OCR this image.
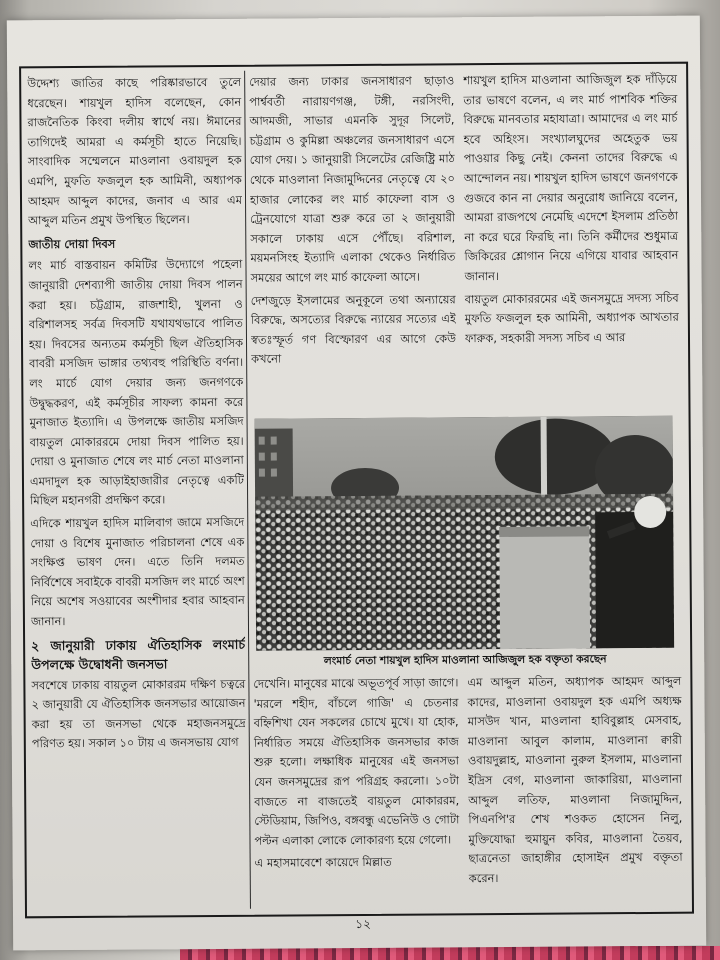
উদ্দেশ্য জাতির কাছে পরিষ্কারভাবে তুলে ধরেছেন। শায়খুল হাদিস বলেছেন, কোন রাজনৈতিক কিংবা দলীয় স্বার্থে নয়। ঈমানের তাগিদেই আমরা এ কর্মসূচী হাতে নিয়েছি। সাংবাদিক সম্মেলনে মাওলানা ওবায়দুল হক এমপি, মুফতি ফজলুল হক আমিনী, অধ্যাপক আহমদ আব্দুল কাদের, জনাব এ আর এম আব্দুল মতিন প্রমুখ উপস্থিত ছিলেন।

জাতীয় দোয়া দিবস

লং মার্চ বাস্তবায়ন কমিটির উদ্যোগে পহেলা জানুয়ারী দেশব্যাপী জাতীয় দোয়া দিবস পালন করা হয়। চট্টগ্রাম, রাজশাহী, খুলনা ও বরিশালসহ সর্বত্র দিবসটি যথাযথভাবে পালিত হয়। দিবসের অন্যতম কর্মসূচী ছিল ঐতিহাসিক বাবরী মসজিদ ভাঙ্গার তথ্যবহু পরিস্থিতি বর্ণনা। লং মার্চে যোগ দেয়ার জন্য জনগণকে উদ্বুদ্ধকরণ, এই কর্মসূচীর সাফল্য কামনা করে মুনাজাত ইত্যাদি। এ উপলক্ষে জাতীয় মসজিদ বায়তুল মোকাররমে দোয়া দিবস পালিত হয়। দোয়া ও মুনাজাত শেষে লং মার্চ নেতা মাওলানা এমদাদুল হক আড়াইহাজারীর নেতৃত্বে একটি মিছিল মহানগরী প্রদক্ষিণ করে।

এদিকে শায়খুল হাদিস মালিবাগ জামে মসজিদে দোয়া ও বিশেষ মুনাজাত পরিচালনা শেষে এক সংক্ষিপ্ত ভাষণ দেন। এতে তিনি দলমত নির্বিশেষে সবাইকে বাবরী মসজিদ লং মার্চে অংশ নিয়ে অশেষ সওয়াবের অংশীদার হবার আহবান জানান।

২ জানুয়ারী ঢাকায় ঐতিহাসিক লংমার্চ উপলক্ষে উদ্বোধনী জনসভা

সবশেষে ঢাকায় বায়তুল মোকাররম দক্ষিণ চত্বরে ২ জানুয়ারী যে ঐতিহাসিক জনসভার আয়োজন করা হয় তা জনসভা থেকে মহাজনসমুদ্রে পরিণত হয়। সকাল ১০ টায় এ জনসভায় যোগ

দেয়ার জন্য ঢাকার জনসাধারণ ছাড়াও পার্শ্ববর্তী নারায়ণগঞ্জ, টঙ্গী, নরসিংদী, আদমজী, সাভার এমনকি সুদূর সিলেট, চট্টগ্রাম ও কুমিল্লা অঞ্চলের জনসাধারণ এসে যোগ দেয়। ১ জানুয়ারী সিলেটের রেজিষ্ট্রি মাঠ থেকে মাওলানা নিজামুদ্দিনের নেতৃত্বে যে ২০ হাজার লোকের লং মার্চ কাফেলা বাস ও ট্রেনযোগে যাত্রা শুরু করে তা ২ জানুয়ারী সকালে ঢাকায় এসে পৌঁছে। বরিশাল, ময়মনসিংহ ইত্যাদি এলাকা থেকেও নির্ধারিত সময়ের আগে লং মার্চ কাফেলা আসে।

দেশজুড়ে ইসলামের অনুকূলে তথা অন্যায়ের বিরুদ্ধে, অসত্যের বিরুদ্ধে ন্যায়ের সত্যের এই স্বতঃস্ফূর্ত গণ বিস্ফোরণ এর আগে কেউ কখনো

শায়খুল হাদিস মাওলানা আজিজুল হক দাঁড়িয়ে তার ভাষণে বলেন, এ লং মার্চ পাশবিক শক্তির বিরুদ্ধে মানবতার মহাযাত্রা। আমাদের এ লং মার্চ হবে অহিংস। সংখ্যালঘুদের অহেতুক ভয় পাওয়ার কিছু নেই। কেননা তাদের বিরুদ্ধে এ আন্দোলন নয়। শায়খুল হাদিস ভাষণে জনগণকে গুজবে কান না দেয়ার অনুরোধ জানিয়ে বলেন, আমরা রাজপথে নেমেছি এদেশে ইসলাম প্রতিষ্ঠা না করে ঘরে ফিরছি না। তিনি কর্মীদের শুধুমাত্র জিকিরের শ্লোগান নিয়ে এগিয়ে যাবার আহবান জানান।

বায়তুল মোকাররমের এই জনসমুদ্রে সদস্য সচিব মুফতি ফজলুল হক আমিনী, অধ্যাপক আখতার ফারুক, সহকারী সদস্য সচিব এ আর

লংমার্চ নেতা শায়খুল হাদিস মাওলানা আজিজুল হক বক্তৃতা করছেন

দেখেনি। মানুষের মাঝে অভূতপূর্ব সাড়া জাগে। 'মরলে শহীদ, বাঁচলে গাজি' এ চেতনার বহ্নিশিখা যেন সকলের চোখে মুখে। যা হোক, নির্ধারিত সময়ে ঐতিহাসিক জনসভার কাজ শুরু হলো। লক্ষাধিক মানুষের এই জনসভা যেন জনসমুদ্রের রূপ পরিগ্রহ করলো। ১০টা বাজতে না বাজতেই বায়তুল মোকাররম, স্টেডিয়াম, জিপিও, বঙ্গবন্ধু এভেনিউ ও গোটা পল্টন এলাকা লোকে লোকারণ্য হয়ে গেলো।

এ মহাসমাবেশে কায়েদে মিল্লাত

এম আব্দুল মতিন, অধ্যাপক আহমদ আব্দুল কাদের, মাওলানা ওবায়দুল হক এমপি অধ্যক্ষ মাসউদ খান, মাওলানা হাবিবুল্লাহ মেসবাহ, মাওলানা আবুল কালাম, মাওলানা ক্বারী ওবায়দুল্লাহ, মাওলানা নুরুল ইসলাম, মাওলানা ইদ্রিস বেগ, মাওলানা জাকারিয়া, মাওলানা আব্দুল লতিফ, মাওলানা নিজামুদ্দিন, পিএনপি'র শেখ শওকত হোসেন নিলু, মুক্তিযোদ্ধা হুমায়ুন কবির, মাওলানা তৈয়ব, ছাত্রনেতা জাহাঙ্গীর হোসাইন প্রমুখ বক্তৃতা করেন।

১২
